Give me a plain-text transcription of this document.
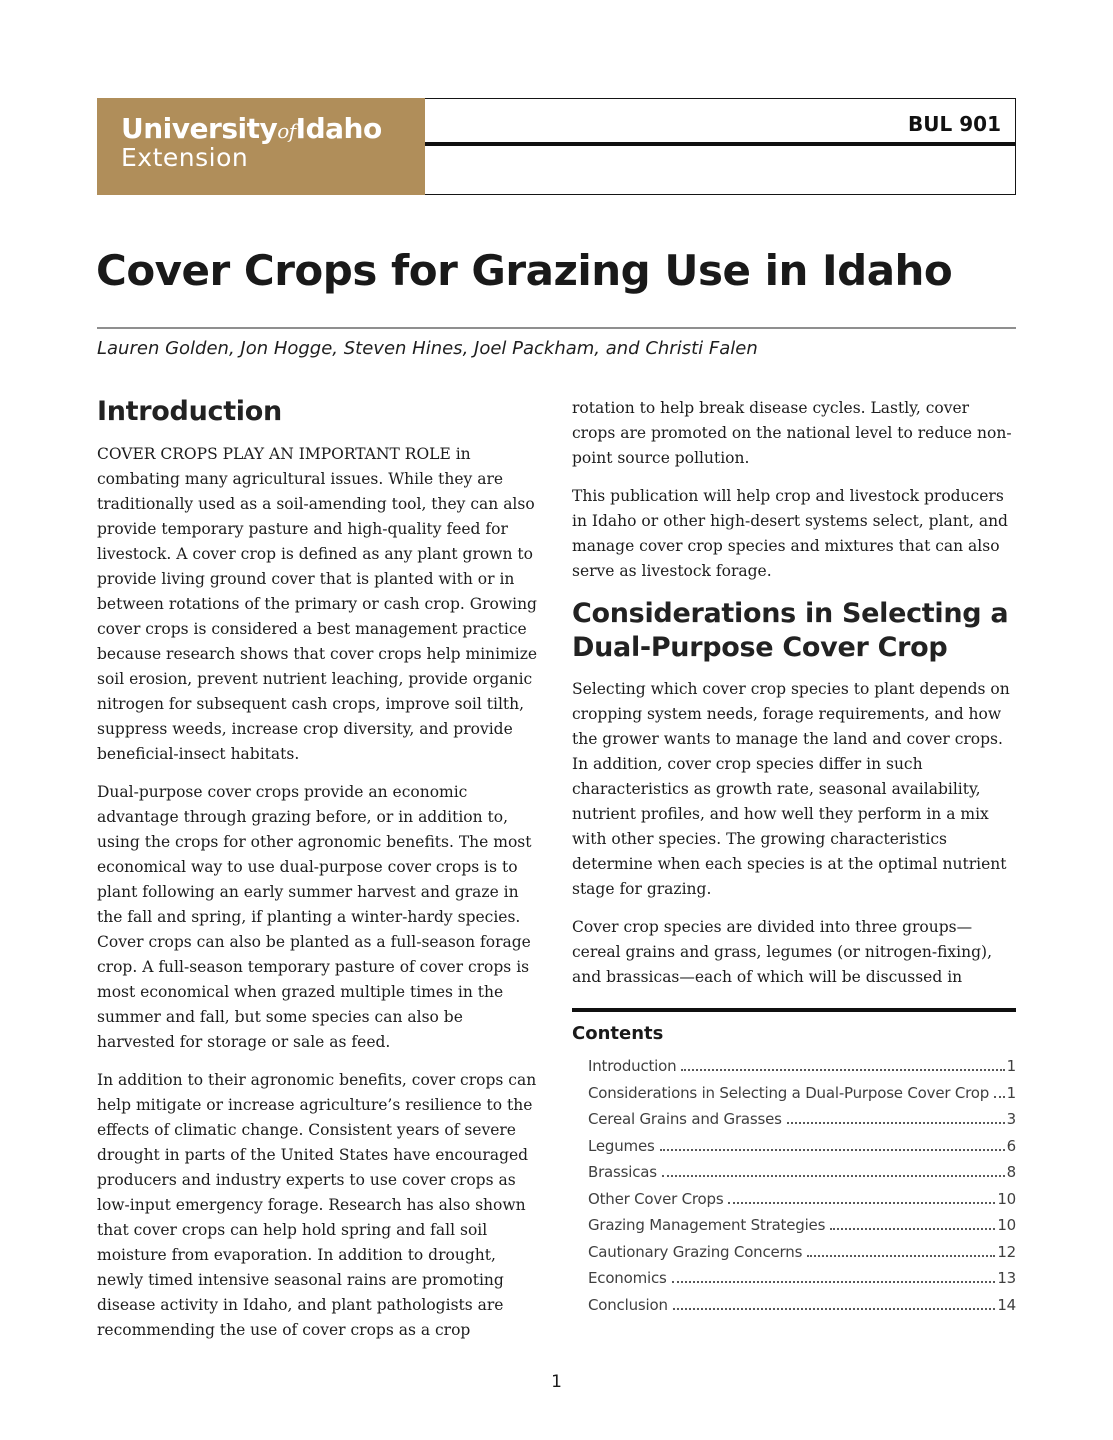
UniversityofIdaho
Extension
BUL 901
Cover Crops for Grazing Use in Idaho
Lauren Golden, Jon Hogge, Steven Hines, Joel Packham, and Christi Falen
Introduction

COVER CROPS PLAY AN IMPORTANT ROLE in combating many agricultural issues. While they are traditionally used as a soil-amending tool, they can also provide temporary pasture and high-quality feed for livestock. A cover crop is defined as any plant grown to provide living ground cover that is planted with or in between rotations of the primary or cash crop. Growing cover crops is considered a best management practice because research shows that cover crops help minimize soil erosion, prevent nutrient leaching, provide organic nitrogen for subsequent cash crops, improve soil tilth, suppress weeds, increase crop diversity, and provide beneficial-insect habitats.

Dual-purpose cover crops provide an economic advantage through grazing before, or in addition to, using the crops for other agronomic benefits. The most economical way to use dual-purpose cover crops is to plant following an early summer harvest and graze in the fall and spring, if planting a winter-hardy species. Cover crops can also be planted as a full-season forage crop. A full-season temporary pasture of cover crops is most economical when grazed multiple times in the summer and fall, but some species can also be harvested for storage or sale as feed.

In addition to their agronomic benefits, cover crops can help mitigate or increase agriculture’s resilience to the effects of climatic change. Consistent years of severe drought in parts of the United States have encouraged producers and industry experts to use cover crops as low-input emergency forage. Research has also shown that cover crops can help hold spring and fall soil moisture from evaporation. In addition to drought, newly timed intensive seasonal rains are promoting disease activity in Idaho, and plant pathologists are recommending the use of cover crops as a crop

rotation to help break disease cycles. Lastly, cover crops are promoted on the national level to reduce non-point source pollution.

This publication will help crop and livestock producers in Idaho or other high-desert systems select, plant, and manage cover crop species and mixtures that can also serve as livestock forage.

Considerations in Selecting a
Dual-Purpose Cover Crop

Selecting which cover crop species to plant depends on cropping system needs, forage requirements, and how the grower wants to manage the land and cover crops. In addition, cover crop species differ in such characteristics as growth rate, seasonal availability, nutrient profiles, and how well they perform in a mix with other species. The growing characteristics determine when each species is at the optimal nutrient stage for grazing.

Cover crop species are divided into three groups—cereal grains and grass, legumes (or nitrogen-fixing), and brassicas—each of which will be discussed in

Contents
Introduction	1
Considerations in Selecting a Dual-Purpose Cover Crop 1
Cereal Grains and Grasses	3
Legumes	6
Brassicas	8
Other Cover Crops	10
Grazing Management Strategies	10
Cautionary Grazing Concerns	12
Economics	13
Conclusion	14
1
